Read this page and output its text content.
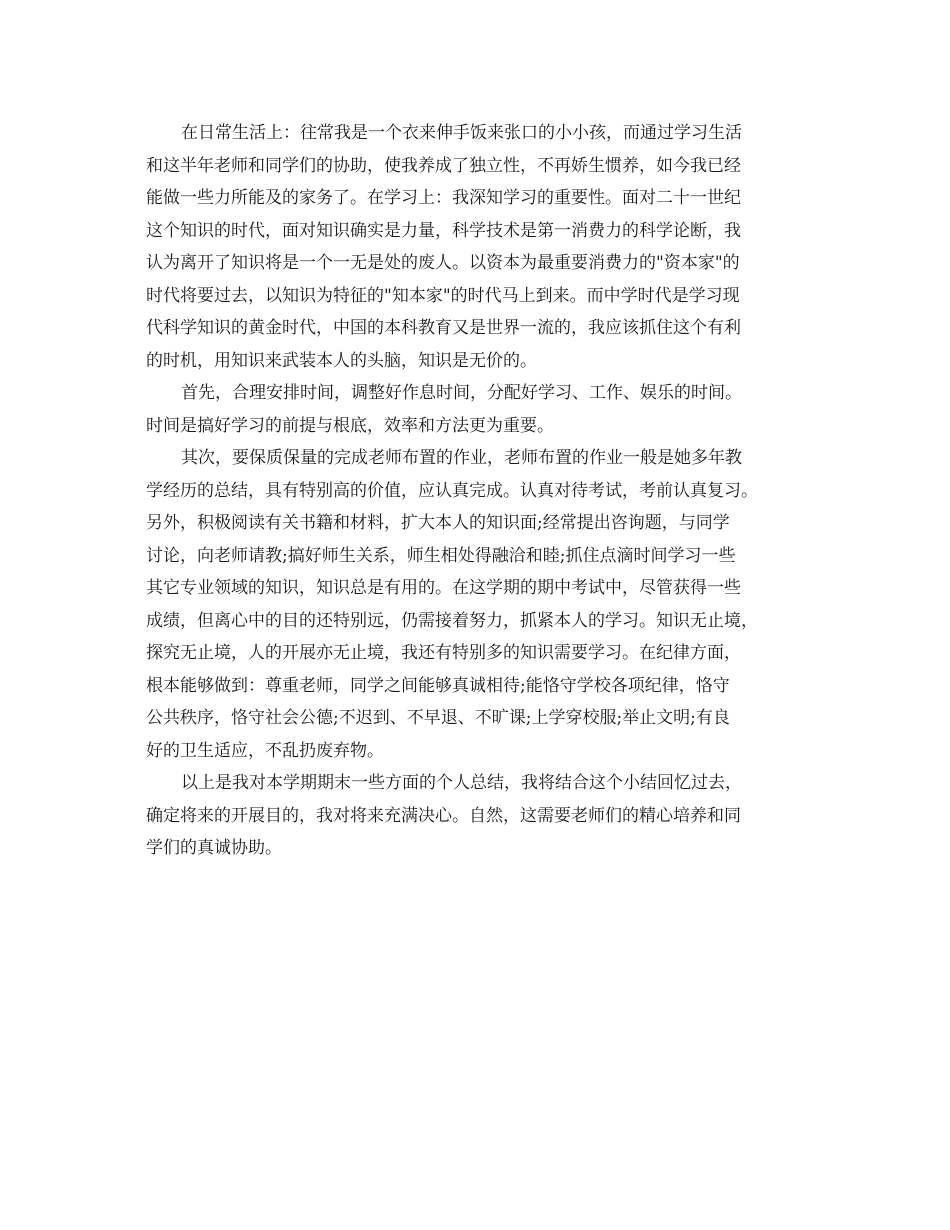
在日常生活上：往常我是一个衣来伸手饭来张口的小小孩，而通过学习生活
和这半年老师和同学们的协助，使我养成了独立性，不再娇生惯养，如今我已经
能做一些力所能及的家务了。在学习上：我深知学习的重要性。面对二十一世纪
这个知识的时代，面对知识确实是力量，科学技术是第一消费力的科学论断，我
认为离开了知识将是一个一无是处的废人。以资本为最重要消费力的"资本家"的
时代将要过去，以知识为特征的"知本家"的时代马上到来。而中学时代是学习现
代科学知识的黄金时代，中国的本科教育又是世界一流的，我应该抓住这个有利
的时机，用知识来武装本人的头脑，知识是无价的。
首先，合理安排时间，调整好作息时间，分配好学习、工作、娱乐的时间。
时间是搞好学习的前提与根底，效率和方法更为重要。
其次，要保质保量的完成老师布置的作业，老师布置的作业一般是她多年教
学经历的总结，具有特别高的价值，应认真完成。认真对待考试，考前认真复习。
另外，积极阅读有关书籍和材料，扩大本人的知识面;经常提出咨询题，与同学
讨论，向老师请教;搞好师生关系，师生相处得融洽和睦;抓住点滴时间学习一些
其它专业领域的知识，知识总是有用的。在这学期的期中考试中，尽管获得一些
成绩，但离心中的目的还特别远，仍需接着努力，抓紧本人的学习。知识无止境，
探究无止境，人的开展亦无止境，我还有特别多的知识需要学习。在纪律方面，
根本能够做到：尊重老师，同学之间能够真诚相待;能恪守学校各项纪律，恪守
公共秩序，恪守社会公德;不迟到、不早退、不旷课;上学穿校服;举止文明;有良
好的卫生适应，不乱扔废弃物。
以上是我对本学期期末一些方面的个人总结，我将结合这个小结回忆过去，
确定将来的开展目的，我对将来充满决心。自然，这需要老师们的精心培养和同
学们的真诚协助。
